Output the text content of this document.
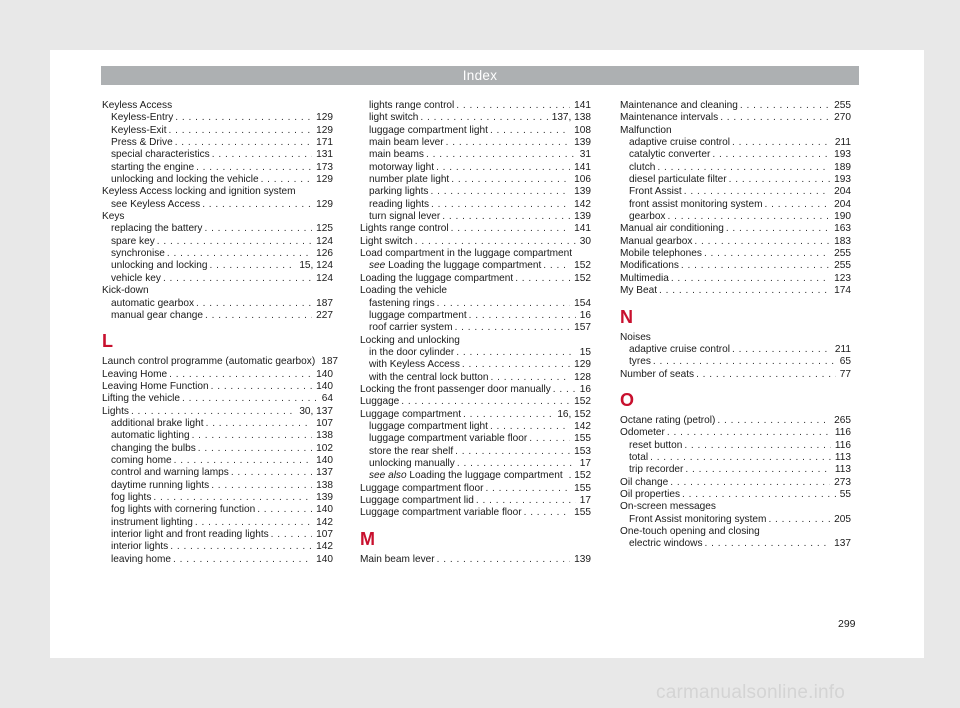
Index
Keyless Access
Keyless-Entry . . .	129
Keyless-Exit . . .	129
Press & Drive . . .	171
special characteristics . . .	131
starting the engine . . .	173
unlocking and locking the vehicle . . .	129
Keyless Access locking and ignition system
see Keyless Access . . .	129
Keys
replacing the battery . . .	125
spare key . . .	124
synchronise . . .	126
unlocking and locking . . .	15, 124
vehicle key . . .	124
Kick-down
automatic gearbox . . .	187
manual gear change . . .	227
L
Launch control programme (automatic gearbox) 187
Leaving Home . . .	140
Leaving Home Function . . .	140
Lifting the vehicle . . .	64
Lights . . .	30, 137
additional brake light . . .	107
automatic lighting . . .	138
changing the bulbs . . .	102
coming home . . .	140
control and warning lamps . . .	137
daytime running lights . . .	138
fog lights . . .	139
fog lights with cornering function . . .	140
instrument lighting . . .	142
interior light and front reading lights . . .	107
interior lights . . .	142
leaving home . . .	140
lights range control . . .	141
light switch . . .	137, 138
luggage compartment light . . .	108
main beam lever . . .	139
main beams . . .	31
motorway light . . .	141
number plate light . . .	106
parking lights . . .	139
reading lights . . .	142
turn signal lever . . .	139
Lights range control . . .	141
Light switch . . .	30
Load compartment in the luggage compartment
see Loading the luggage compartment . . .	152
Loading the luggage compartment . . .	152
Loading the vehicle
fastening rings . . .	154
luggage compartment . . .	16
roof carrier system . . .	157
Locking and unlocking
in the door cylinder . . .	15
with Keyless Access . . .	129
with the central lock button . . .	128
Locking the front passenger door manually . . .	16
Luggage . . .	152
Luggage compartment . . .	16, 152
luggage compartment light . . .	142
luggage compartment variable floor . . .	155
store the rear shelf . . .	153
unlocking manually . . .	17
see also Loading the luggage compartment . 152
Luggage compartment floor . . .	155
Luggage compartment lid . . .	17
Luggage compartment variable floor . . .	155
M
Main beam lever . . .	139
Maintenance and cleaning . . .	255
Maintenance intervals . . .	270
Malfunction
adaptive cruise control . . .	211
catalytic converter . . .	193
clutch . . .	189
diesel particulate filter . . .	193
Front Assist . . .	204
front assist monitoring system . . .	204
gearbox . . .	190
Manual air conditioning . . .	163
Manual gearbox . . .	183
Mobile telephones . . .	255
Modifications . . .	255
Multimedia . . .	123
My Beat . . .	174
N
Noises
adaptive cruise control . . .	211
tyres . . .	65
Number of seats . . .	77
O
Octane rating (petrol) . . .	265
Odometer . . .	116
reset button . . .	116
total . . .	113
trip recorder . . .	113
Oil change . . .	273
Oil properties . . .	55
On-screen messages
Front Assist monitoring system . . .	205
One-touch opening and closing
electric windows . . .	137
299
carmanualsonline.info
